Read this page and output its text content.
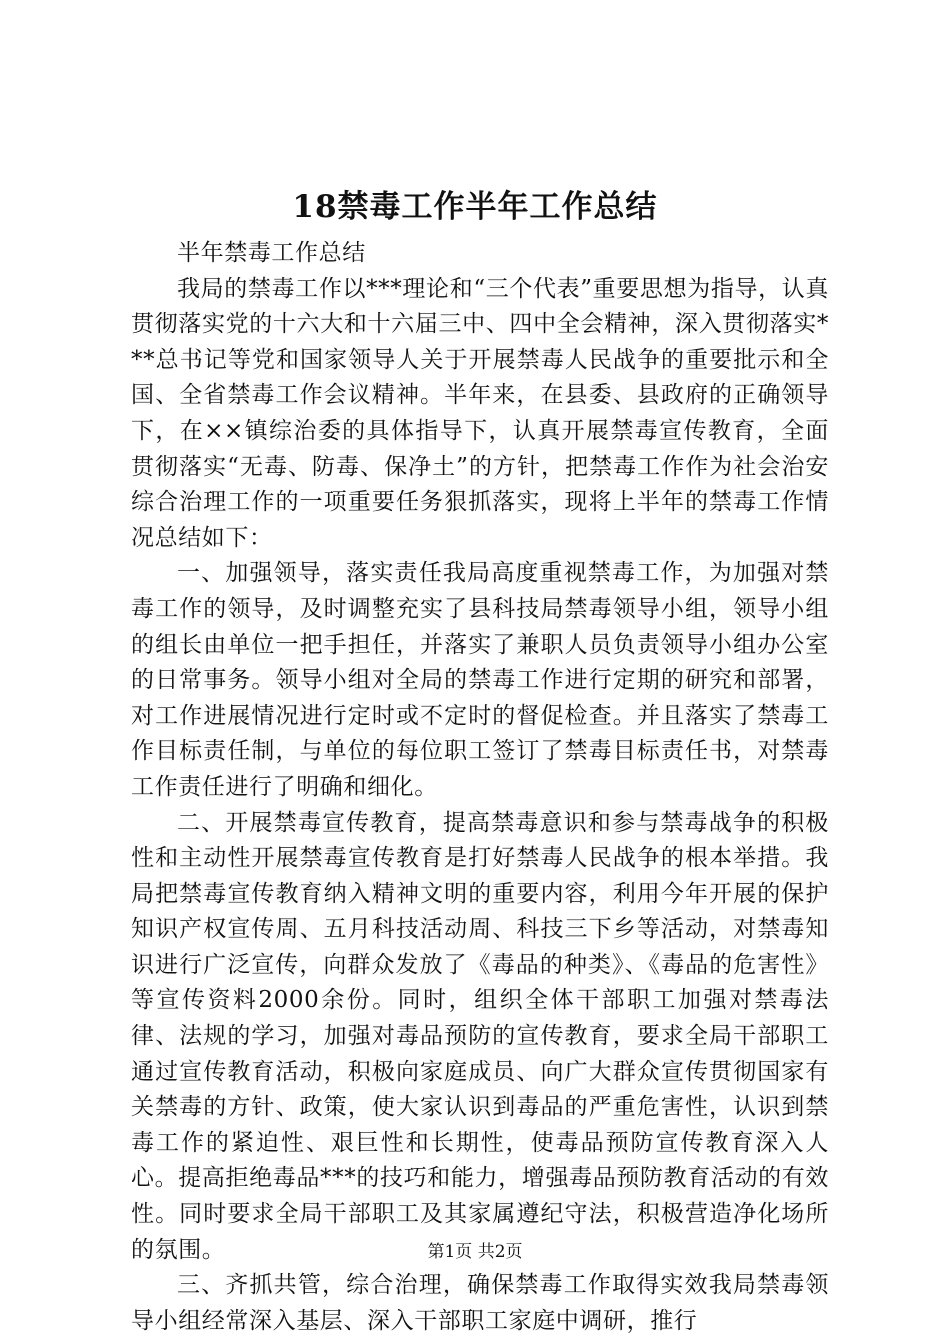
18禁毒工作半年工作总结

半年禁毒工作总结

我局的禁毒工作以***理论和“三个代表”重要思想为指导，认真贯彻落实党的十六大和十六届三中、四中全会精神，深入贯彻落实***总书记等党和国家领导人关于开展禁毒人民战争的重要批示和全国、全省禁毒工作会议精神。半年来，在县委、县政府的正确领导下，在××镇综治委的具体指导下，认真开展禁毒宣传教育，全面贯彻落实“无毒、防毒、保净土”的方针，把禁毒工作作为社会治安综合治理工作的一项重要任务狠抓落实，现将上半年的禁毒工作情况总结如下：

一、加强领导，落实责任我局高度重视禁毒工作，为加强对禁毒工作的领导，及时调整充实了县科技局禁毒领导小组，领导小组的组长由单位一把手担任，并落实了兼职人员负责领导小组办公室的日常事务。领导小组对全局的禁毒工作进行定期的研究和部署，对工作进展情况进行定时或不定时的督促检查。并且落实了禁毒工作目标责任制，与单位的每位职工签订了禁毒目标责任书，对禁毒工作责任进行了明确和细化。

二、开展禁毒宣传教育，提高禁毒意识和参与禁毒战争的积极性和主动性开展禁毒宣传教育是打好禁毒人民战争的根本举措。我局把禁毒宣传教育纳入精神文明的重要内容，利用今年开展的保护知识产权宣传周、五月科技活动周、科技三下乡等活动，对禁毒知识进行广泛宣传，向群众发放了《毒品的种类》、《毒品的危害性》等宣传资料2000余份。同时，组织全体干部职工加强对禁毒法律、法规的学习，加强对毒品预防的宣传教育，要求全局干部职工通过宣传教育活动，积极向家庭成员、向广大群众宣传贯彻国家有关禁毒的方针、政策，使大家认识到毒品的严重危害性，认识到禁毒工作的紧迫性、艰巨性和长期性，使毒品预防宣传教育深入人心。提高拒绝毒品***的技巧和能力，增强毒品预防教育活动的有效性。同时要求全局干部职工及其家属遵纪守法，积极营造净化场所的氛围。

三、齐抓共管，综合治理，确保禁毒工作取得实效我局禁毒领导小组经常深入基层、深入干部职工家庭中调研，推行

第1页 共2页
